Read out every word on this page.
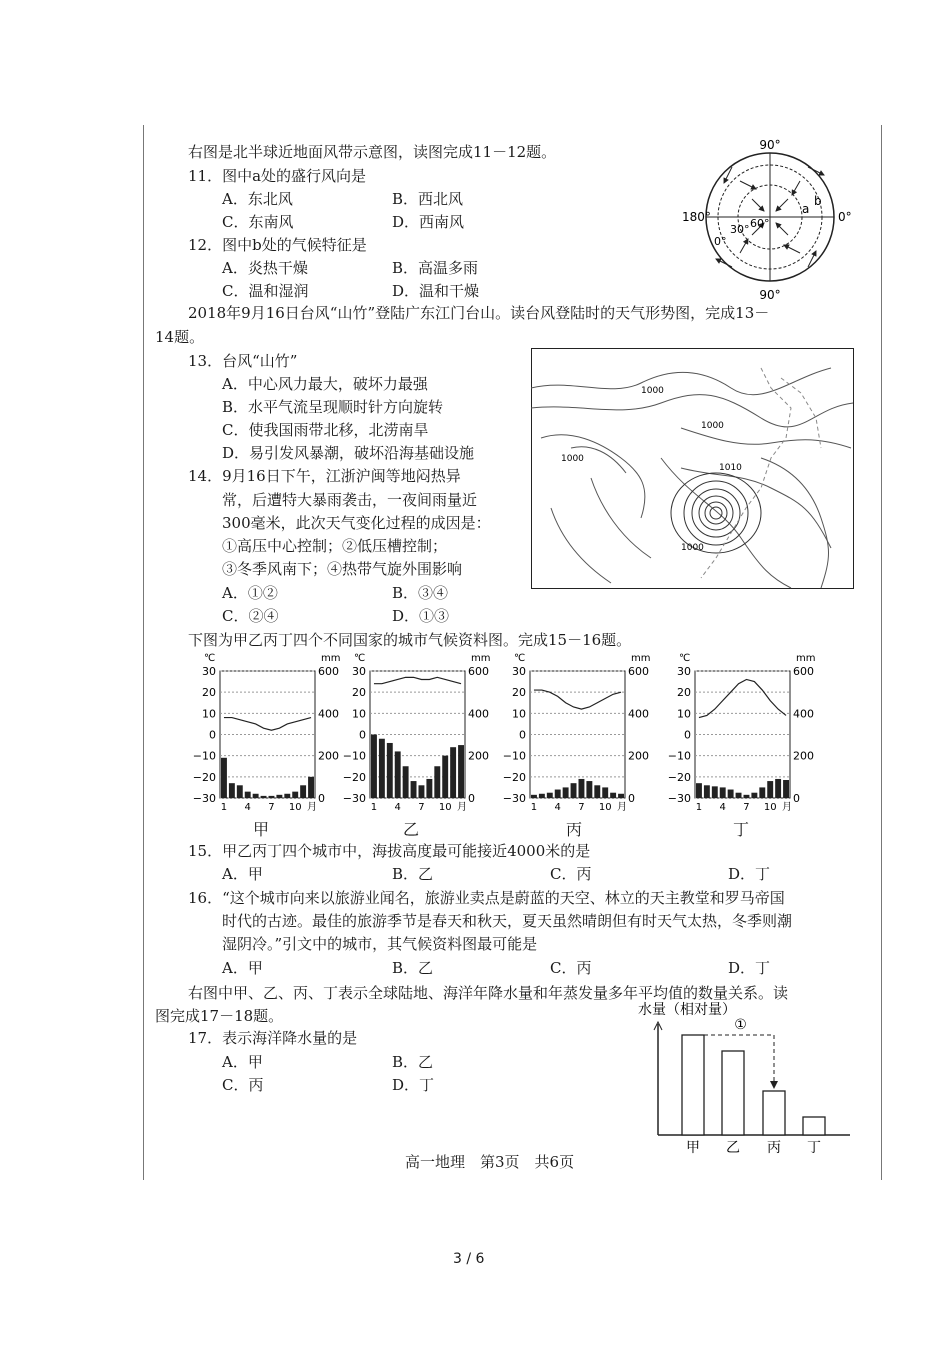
右图是北半球近地面风带示意图，读图完成11－12题。
11．图中a处的盛行风向是
A．东北风	B．西北风
C．东南风	D．西南风
12．图中b处的气候特征是
A．炎热干燥	B．高温多雨
C．温和湿润	D．温和干燥
90°
90°
180°	0°
30° 60°
0°
a
b
2018年9月16日台风“山竹”登陆广东江门台山。读台风登陆时的天气形势图，完成13－
14题。
13．台风“山竹”
A．中心风力最大，破坏力最强
B．水平气流呈现顺时针方向旋转
C．使我国雨带北移，北涝南旱
D．易引发风暴潮，破坏沿海基础设施
14．9月16日下午，江浙沪闽等地闷热异
常，后遭特大暴雨袭击，一夜间雨量近
300毫米，此次天气变化过程的成因是：
①高压中心控制；②低压槽控制；
③冬季风南下；④热带气旋外围影响
A．①②	B．③④
C．②④	D．①③
1000
1010
1000
1000
1000
下图为甲乙丙丁四个不同国家的城市气候资料图。完成15－16题。
℃	mm
30
20
10
0
−10
−20
−30
600
400
200
0
1 4 7 10 月
℃	mm
30
20
10
0
−10
−20
−30
600
400
200
0
1 4 7 10 月
℃	mm
30
20
10
0
−10
−20
−30
600
400
200
0
1 4 7 10 月
℃	mm
30
20
10
0
−10
−20
−30
600
400
200
0
1 4 7 10 月
甲	乙	丙	丁
15．甲乙丙丁四个城市中，海拔高度最可能接近4000米的是
A．甲	B．乙	C．丙	D．丁
16．“这个城市向来以旅游业闻名，旅游业卖点是蔚蓝的天空、林立的天主教堂和罗马帝国
时代的古迹。最佳的旅游季节是春天和秋天，夏天虽然晴朗但有时天气太热，冬季则潮
湿阴冷。”引文中的城市，其气候资料图最可能是
A．甲	B．乙	C．丙	D．丁
右图中甲、乙、丙、丁表示全球陆地、海洋年降水量和年蒸发量多年平均值的数量关系。读
图完成17－18题。
17．表示海洋降水量的是
A．甲	B．乙
C．丙	D．丁
水量（相对量）
甲 乙 丙 丁
①
高一地理　第3页　共6页
3 / 6
